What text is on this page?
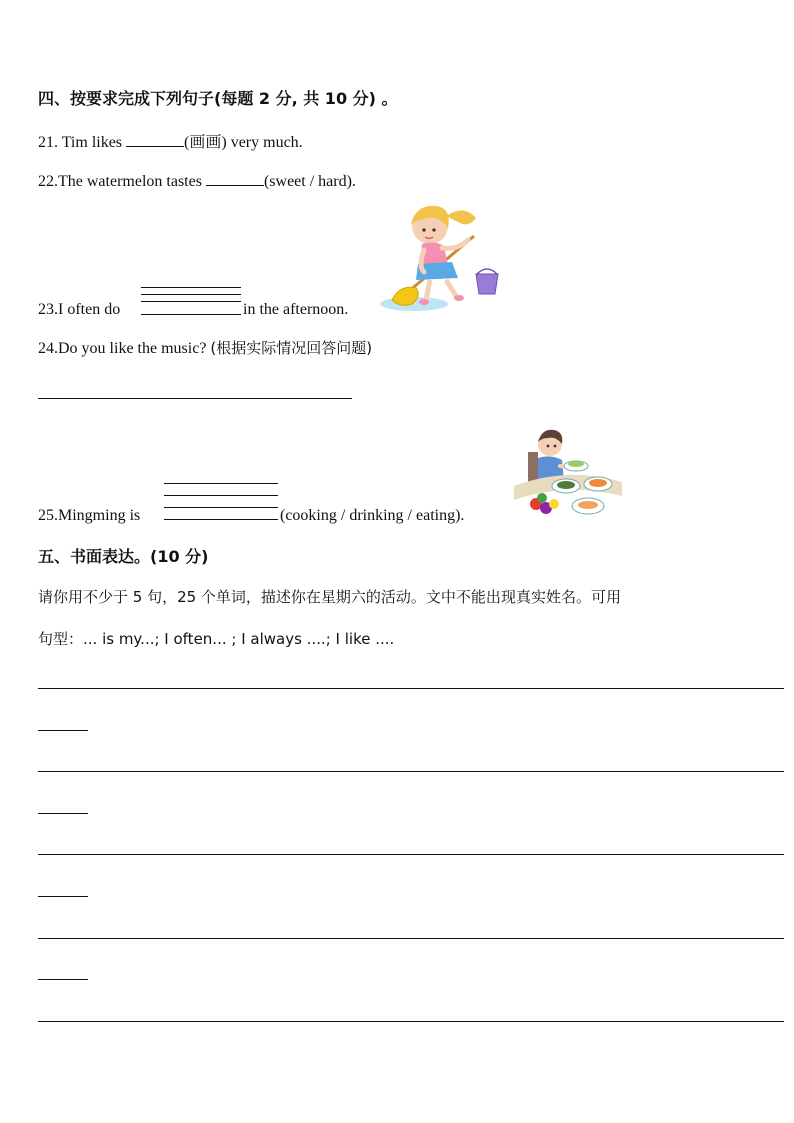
四、按要求完成下列句子(每题 2 分, 共 10 分) 。
21. Tim likes	(画画) very much.
22.The watermelon tastes	(sweet / hard).
23.I often do	in the afternoon.
24.Do you like the music? (根据实际情况回答问题)
25.Mingming is	(cooking / drinking / eating).
五、书面表达。(10 分)
请你用不少于 5 句，25 个单词，描述你在星期六的活动。文中不能出现真实姓名。可用
句型：... is my...; I often... ; I always ....; I like ....
